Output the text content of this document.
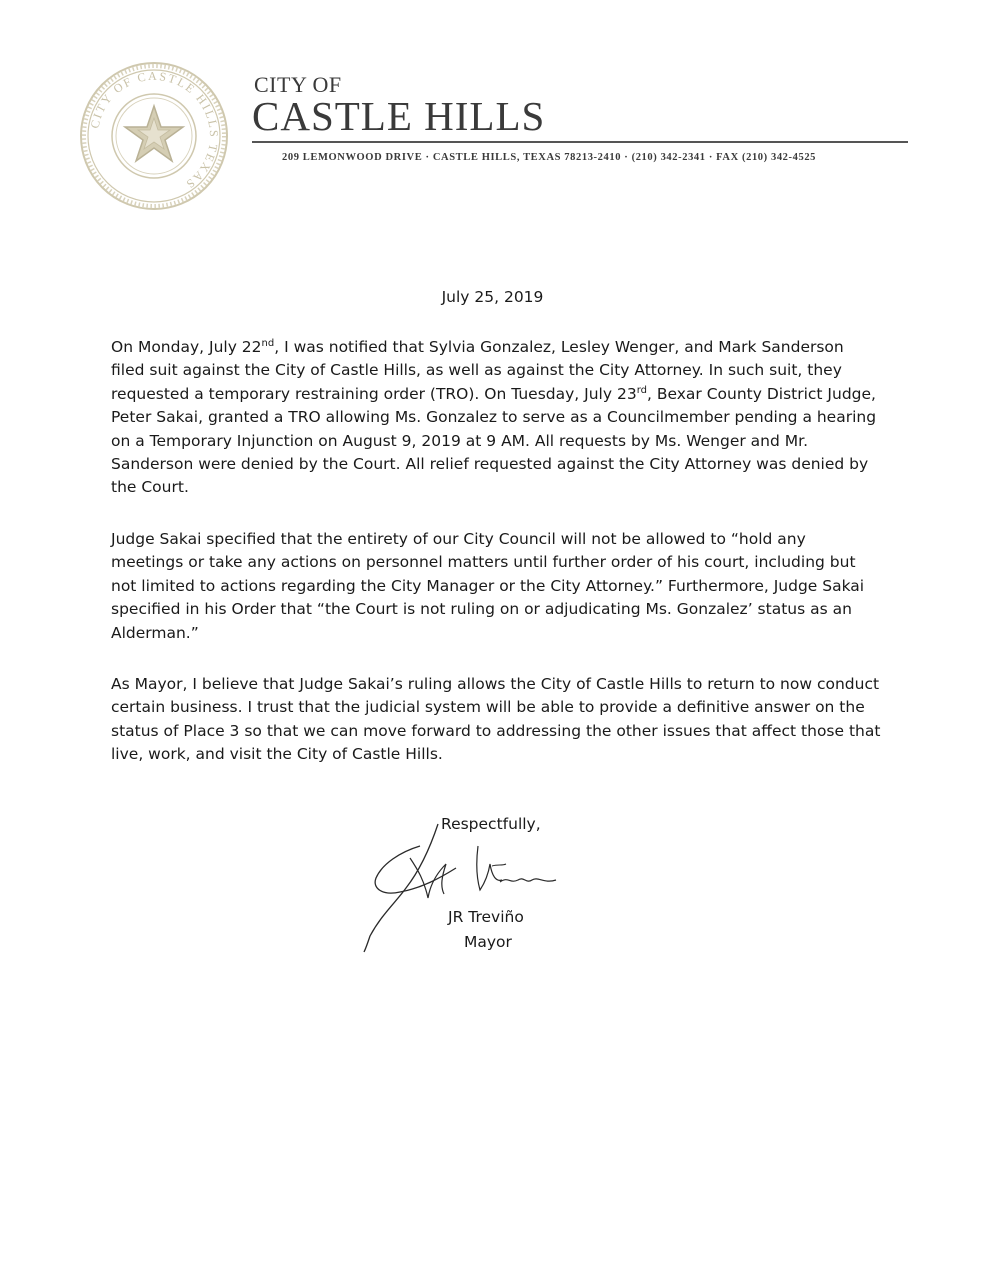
CITY OF CASTLE HILLS TEXAS
CITY OF
CASTLE HILLS
209 LEMONWOOD DRIVE · CASTLE HILLS, TEXAS 78213-2410 · (210) 342-2341 · FAX (210) 342-4525
July 25, 2019
On Monday, July 22nd, I was notified that Sylvia Gonzalez, Lesley Wenger, and Mark Sanderson filed suit against the City of Castle Hills, as well as against the City Attorney. In such suit, they requested a temporary restraining order (TRO). On Tuesday, July 23rd, Bexar County District Judge, Peter Sakai, granted a TRO allowing Ms. Gonzalez to serve as a Councilmember pending a hearing on a Temporary Injunction on August 9, 2019 at 9 AM. All requests by Ms. Wenger and Mr. Sanderson were denied by the Court. All relief requested against the City Attorney was denied by the Court.
Judge Sakai specified that the entirety of our City Council will not be allowed to “hold any meetings or take any actions on personnel matters until further order of his court, including but not limited to actions regarding the City Manager or the City Attorney.” Furthermore, Judge Sakai specified in his Order that “the Court is not ruling on or adjudicating Ms. Gonzalez’ status as an Alderman.”
As Mayor, I believe that Judge Sakai’s ruling allows the City of Castle Hills to return to now conduct certain business. I trust that the judicial system will be able to provide a definitive answer on the status of Place 3 so that we can move forward to addressing the other issues that affect those that live, work, and visit the City of Castle Hills.
Respectfully,
JR Treviño
Mayor
